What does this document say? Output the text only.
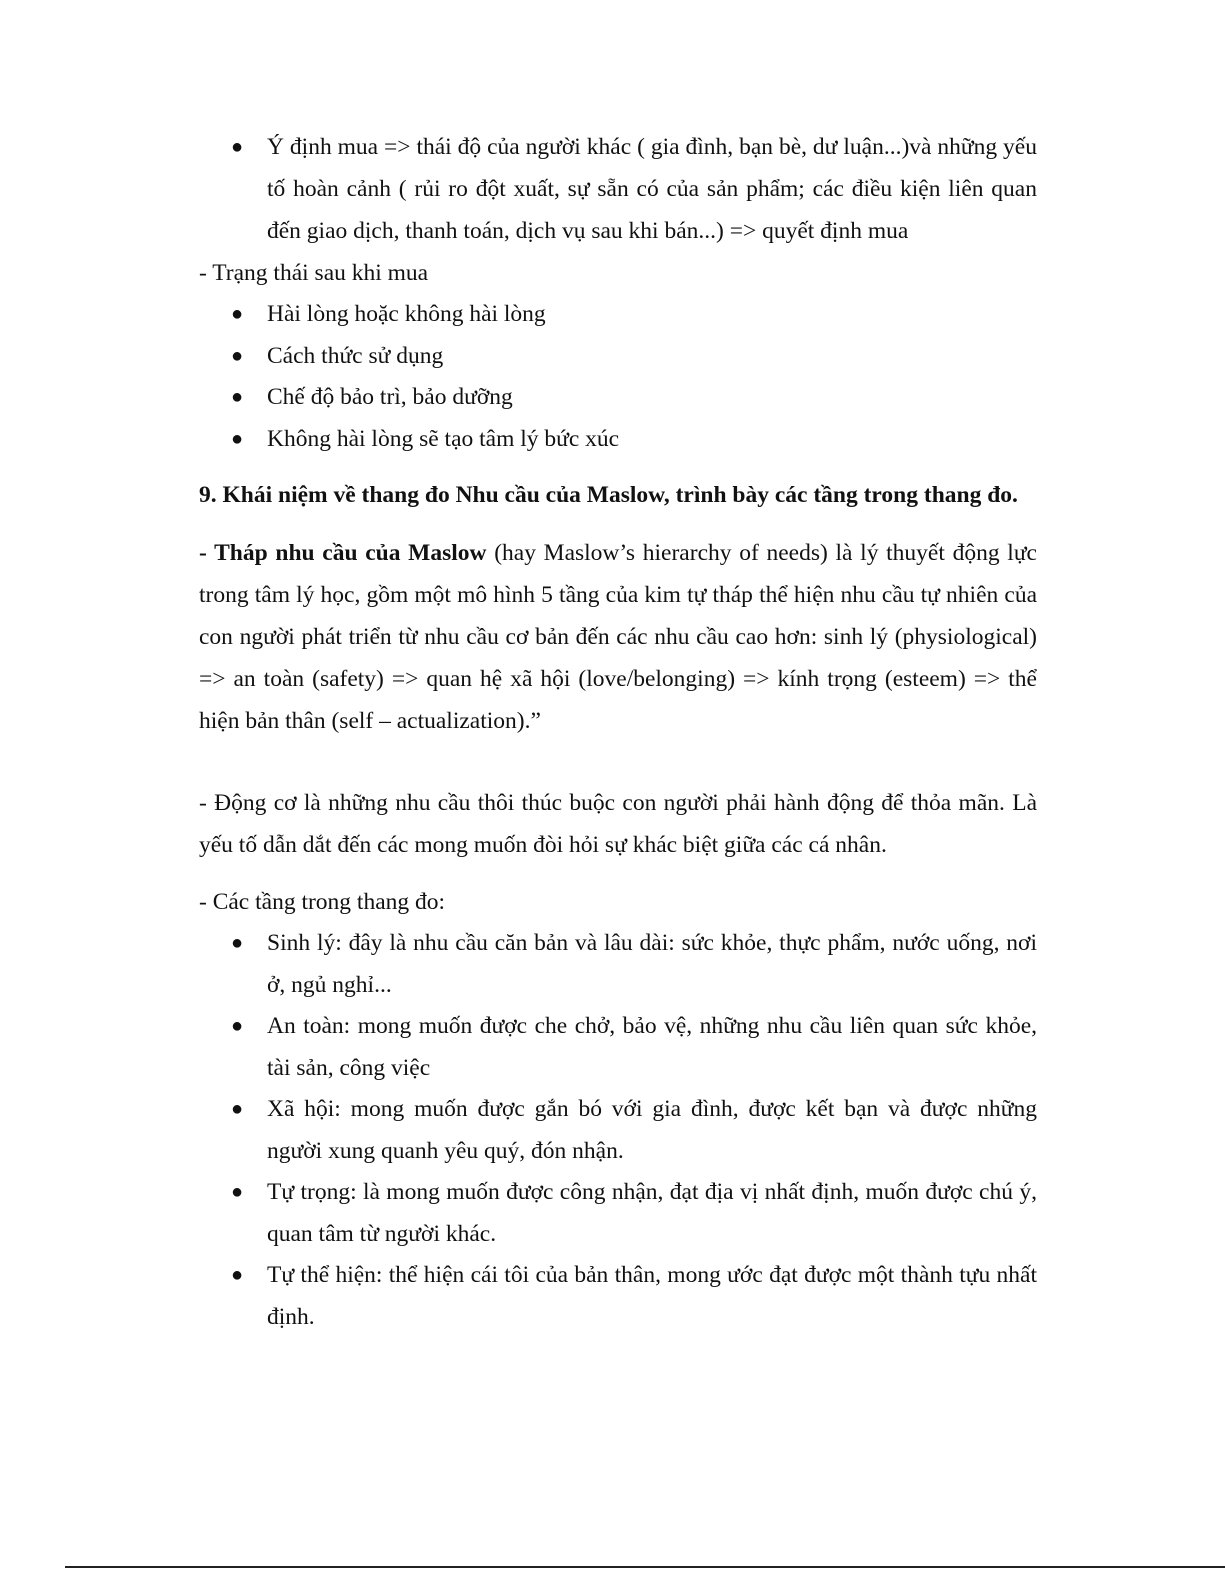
● Ý định mua => thái độ của người khác ( gia đình, bạn bè, dư luận...)và những yếu tố hoàn cảnh ( rủi ro đột xuất, sự sẵn có của sản phẩm; các điều kiện liên quan đến giao dịch, thanh toán, dịch vụ sau khi bán...) => quyết định mua

- Trạng thái sau khi mua

● Hài lòng hoặc không hài lòng
● Cách thức sử dụng
● Chế độ bảo trì, bảo dưỡng
● Không hài lòng sẽ tạo tâm lý bức xúc

9. Khái niệm về thang đo Nhu cầu của Maslow, trình bày các tầng trong thang đo.

- Tháp nhu cầu của Maslow (hay Maslow’s hierarchy of needs) là lý thuyết động lực trong tâm lý học, gồm một mô hình 5 tầng của kim tự tháp thể hiện nhu cầu tự nhiên của con người phát triển từ nhu cầu cơ bản đến các nhu cầu cao hơn: sinh lý (physiological) => an toàn (safety) => quan hệ xã hội (love/belonging) => kính trọng (esteem) => thể hiện bản thân (self – actualization).”

- Động cơ là những nhu cầu thôi thúc buộc con người phải hành động để thỏa mãn. Là yếu tố dẫn dắt đến các mong muốn đòi hỏi sự khác biệt giữa các cá nhân.

- Các tầng trong thang đo:

● Sinh lý: đây là nhu cầu căn bản và lâu dài: sức khỏe, thực phẩm, nước uống, nơi ở, ngủ nghỉ...
● An toàn: mong muốn được che chở, bảo vệ, những nhu cầu liên quan sức khỏe, tài sản, công việc
● Xã hội: mong muốn được gắn bó với gia đình, được kết bạn và được những người xung quanh yêu quý, đón nhận.
● Tự trọng: là mong muốn được công nhận, đạt địa vị nhất định, muốn được chú ý, quan tâm từ người khác.
● Tự thể hiện: thể hiện cái tôi của bản thân, mong ước đạt được một thành tựu nhất định.
